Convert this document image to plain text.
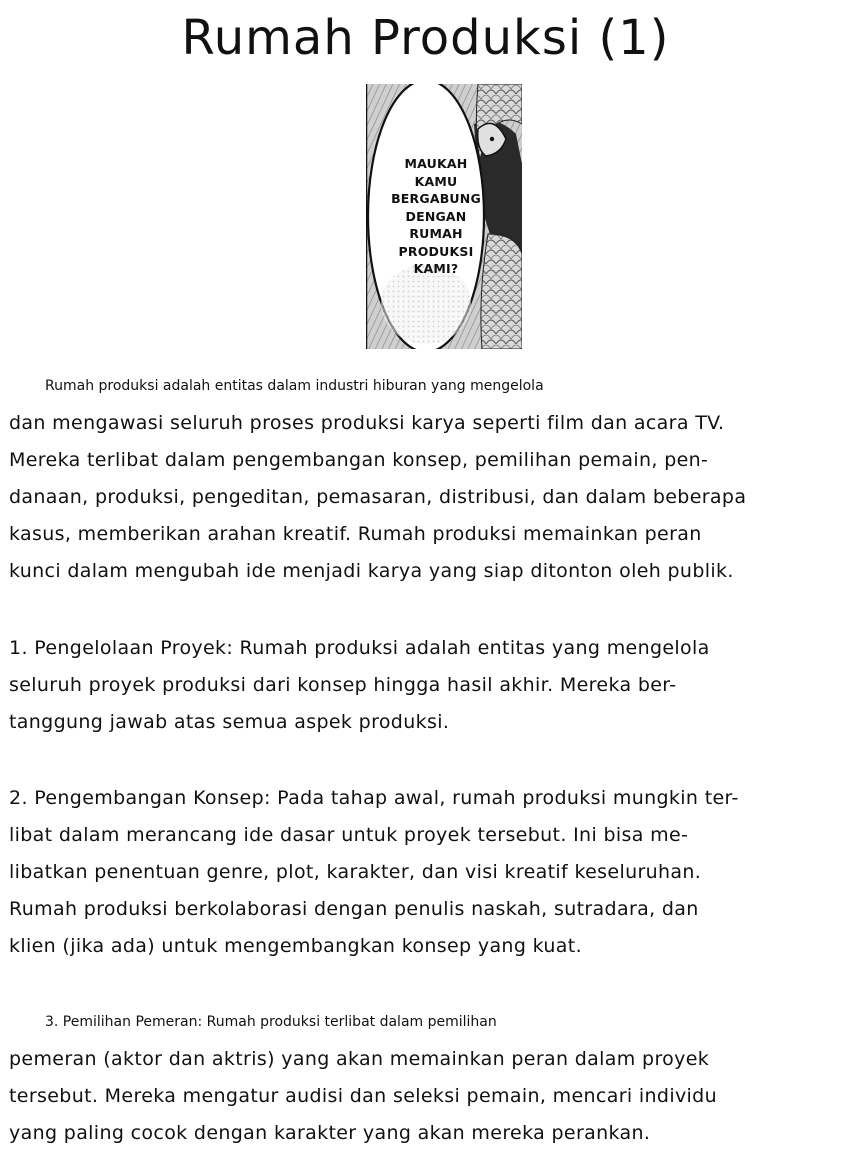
Rumah Produksi (1)
MAUKAH
KAMU
BERGABUNG
DENGAN
RUMAH
PRODUKSI
KAMI?

Rumah produksi adalah entitas dalam industri hiburan yang mengelola
dan mengawasi seluruh proses produksi karya seperti film dan acara TV.
Mereka terlibat dalam pengembangan konsep, pemilihan pemain, pen-
danaan, produksi, pengeditan, pemasaran, distribusi, dan dalam beberapa
kasus, memberikan arahan kreatif. Rumah produksi memainkan peran
kunci dalam mengubah ide menjadi karya yang siap ditonton oleh publik.

1. Pengelolaan Proyek: Rumah produksi adalah entitas yang mengelola
seluruh proyek produksi dari konsep hingga hasil akhir. Mereka ber-
tanggung jawab atas semua aspek produksi.

2. Pengembangan Konsep: Pada tahap awal, rumah produksi mungkin ter-
libat dalam merancang ide dasar untuk proyek tersebut. Ini bisa me-
libatkan penentuan genre, plot, karakter, dan visi kreatif keseluruhan.
Rumah produksi berkolaborasi dengan penulis naskah, sutradara, dan
klien (jika ada) untuk mengembangkan konsep yang kuat.

3. Pemilihan Pemeran: Rumah produksi terlibat dalam pemilihan
pemeran (aktor dan aktris) yang akan memainkan peran dalam proyek
tersebut. Mereka mengatur audisi dan seleksi pemain, mencari individu
yang paling cocok dengan karakter yang akan mereka perankan.
